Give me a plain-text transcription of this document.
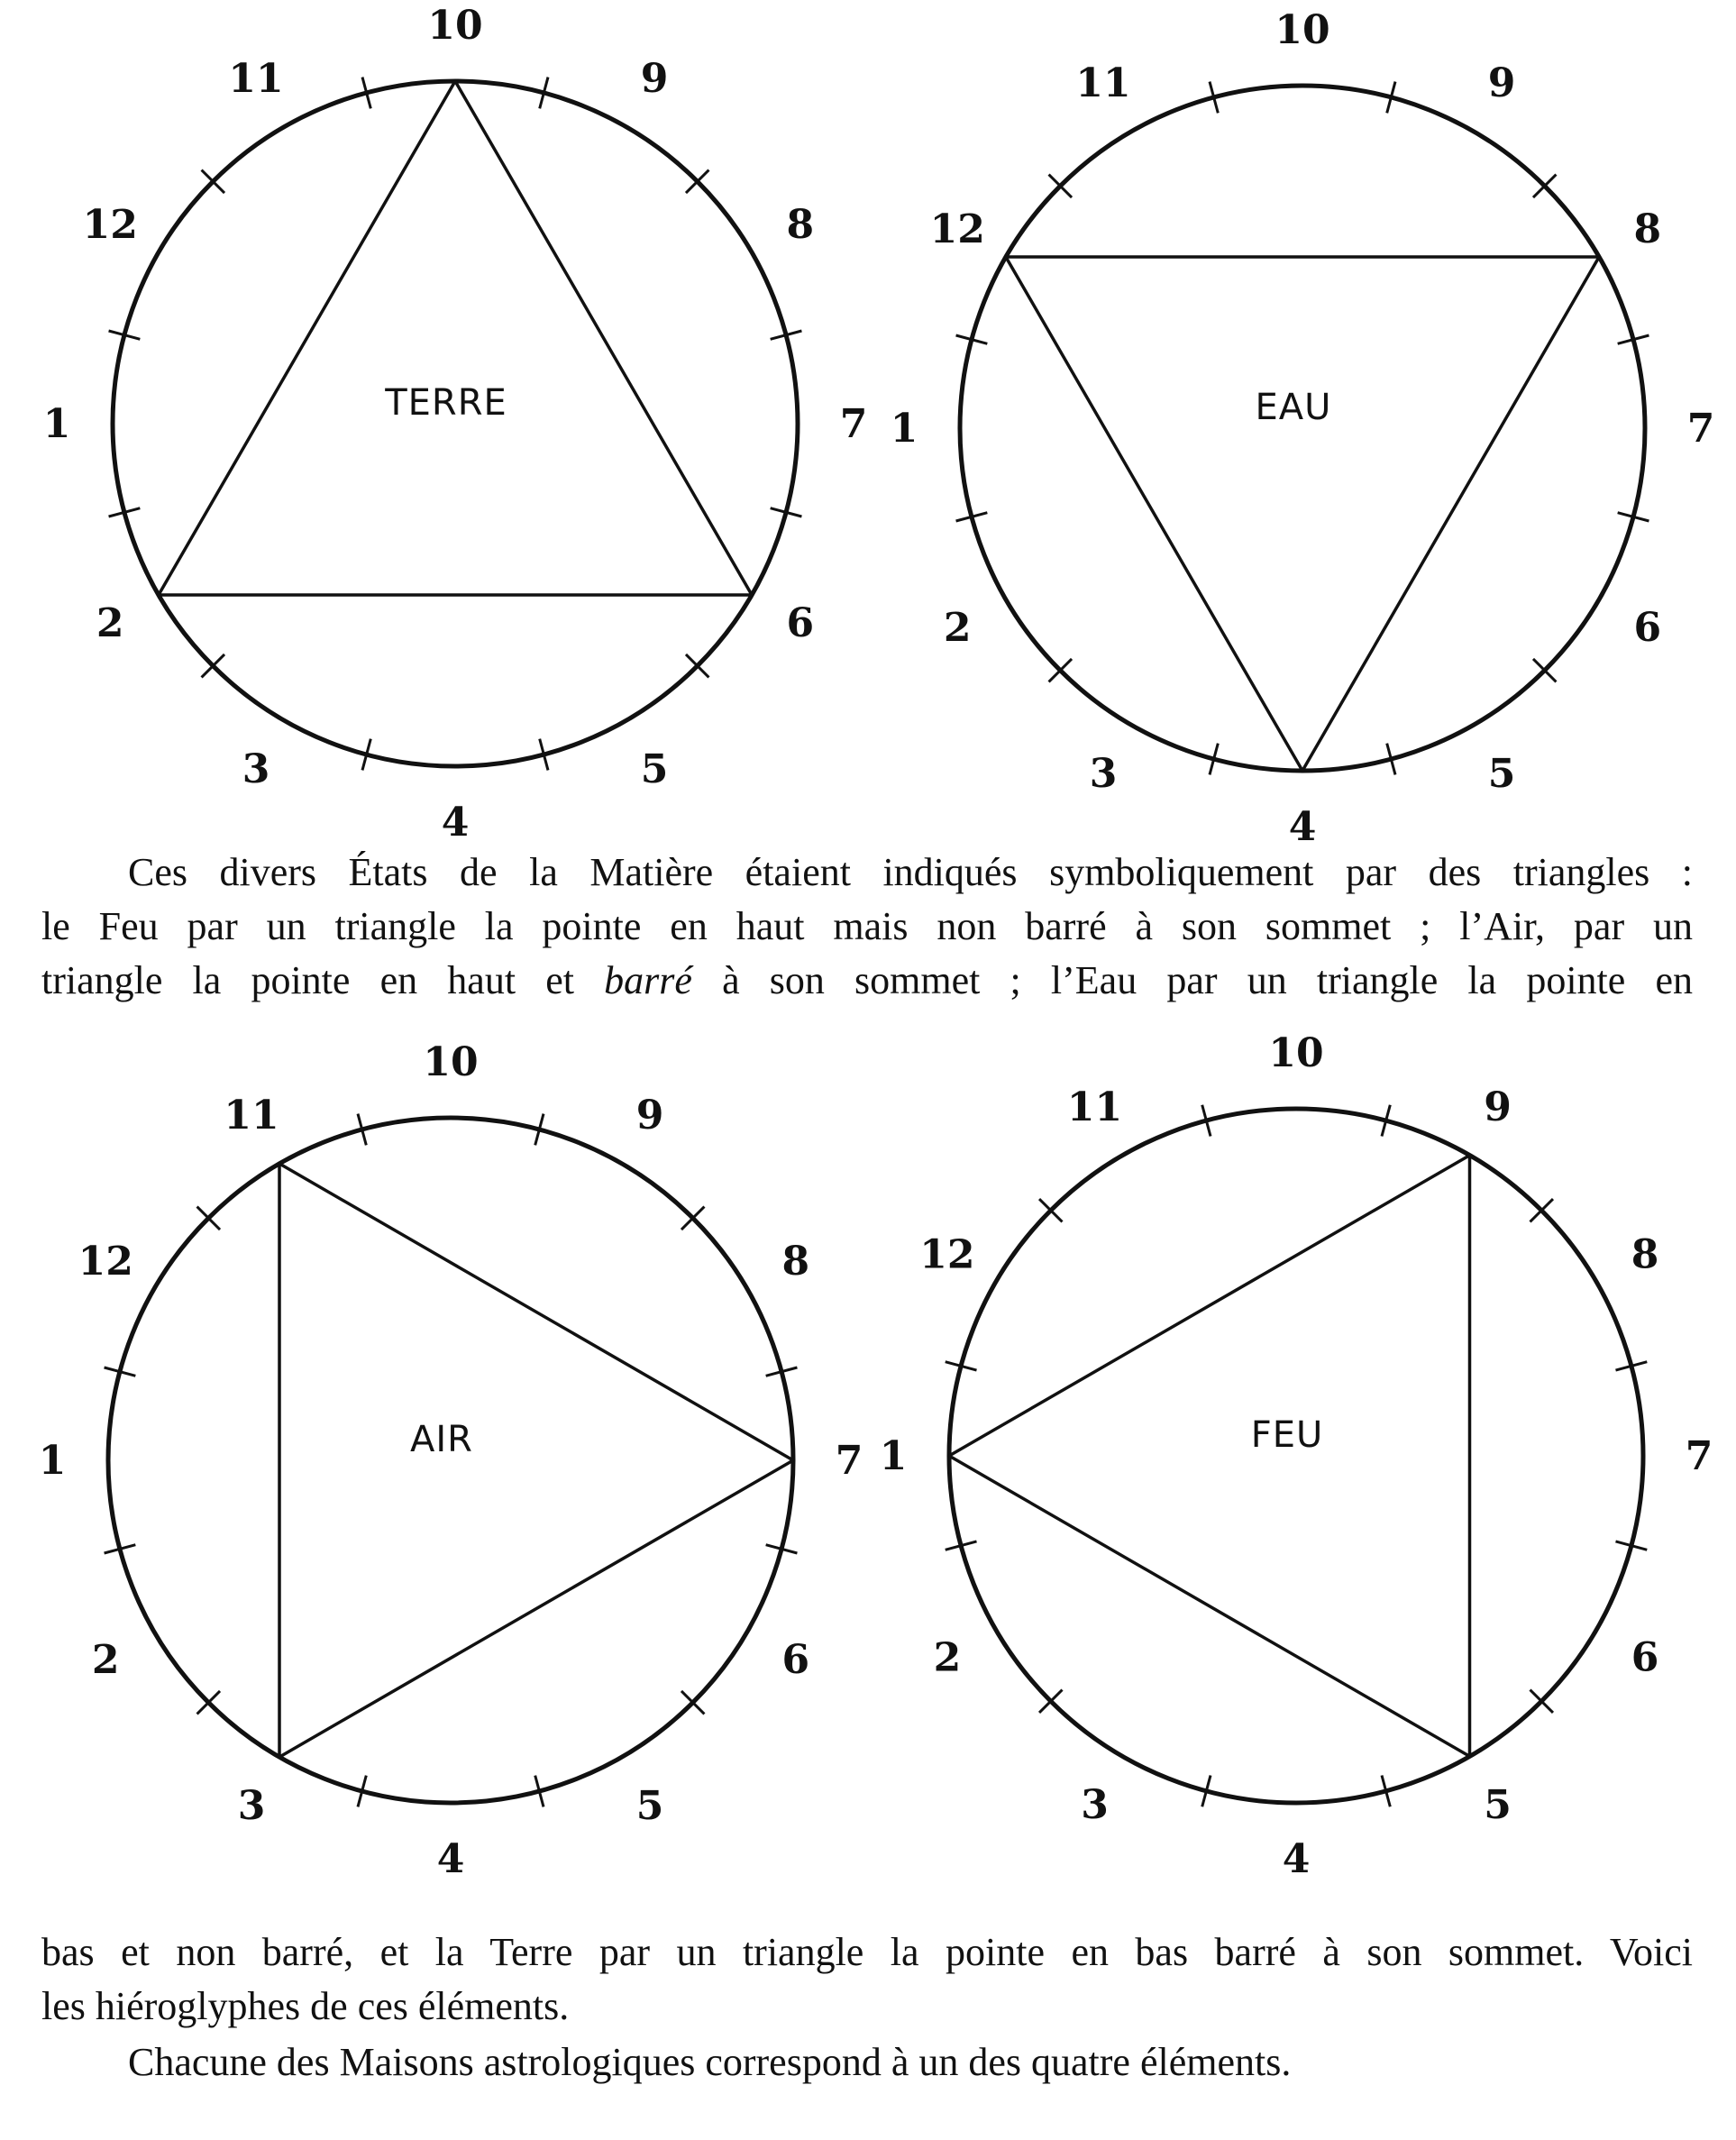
1
2
3
4
5
6
7
8
9
10
11
12
TERRE
1
2
3
4
5
6
7
8
9
10
11
12
EAU
Ces divers États de la Matière étaient indiqués symboliquement par des triangles :
le Feu par un triangle la pointe en haut mais non barré à son sommet ; l’Air, par un
triangle la pointe en haut et barré à son sommet ; l’Eau par un triangle la pointe en
1
2
3
4
5
6
7
8
9
10
11
12
AIR	1
2
3
4
5
6
7
8
9
10
11
12
FEU
bas et non barré, et la Terre par un triangle la pointe en bas barré à son sommet. Voici
les hiéroglyphes de ces éléments.
Chacune des Maisons astrologiques correspond à un des quatre éléments.
